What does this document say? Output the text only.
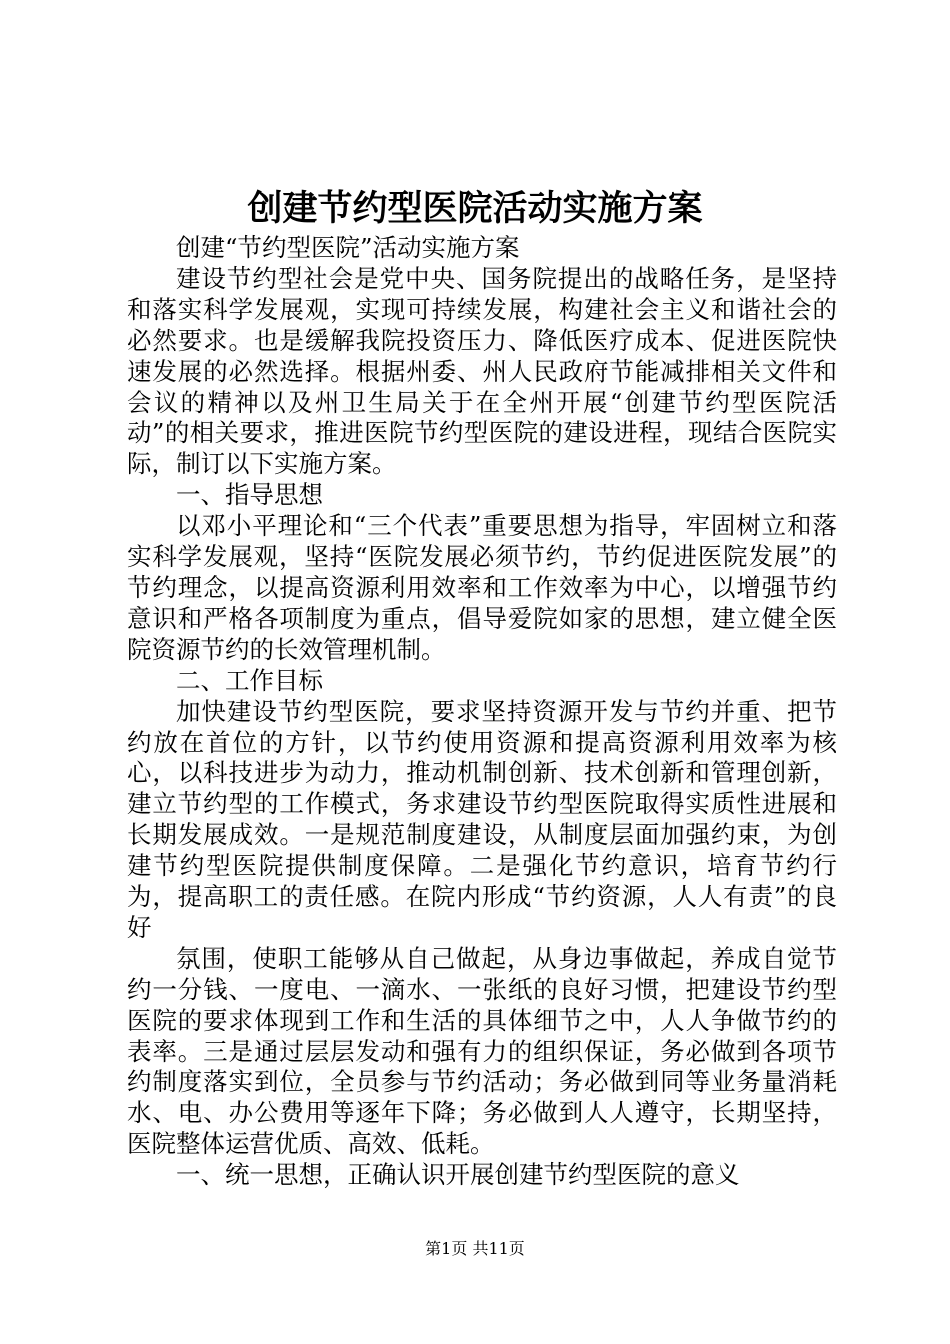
创建节约型医院活动实施方案

创建“节约型医院”活动实施方案

建设节约型社会是党中央、国务院提出的战略任务，是坚持和落实科学发展观，实现可持续发展，构建社会主义和谐社会的必然要求。也是缓解我院投资压力、降低医疗成本、促进医院快速发展的必然选择。根据州委、州人民政府节能减排相关文件和会议的精神以及州卫生局关于在全州开展“创建节约型医院活动”的相关要求，推进医院节约型医院的建设进程，现结合医院实际，制订以下实施方案。

一、指导思想

以邓小平理论和“三个代表”重要思想为指导，牢固树立和落实科学发展观，坚持“医院发展必须节约，节约促进医院发展”的节约理念，以提高资源利用效率和工作效率为中心，以增强节约意识和严格各项制度为重点，倡导爱院如家的思想，建立健全医院资源节约的长效管理机制。

二、工作目标

加快建设节约型医院，要求坚持资源开发与节约并重、把节约放在首位的方针，以节约使用资源和提高资源利用效率为核心，以科技进步为动力，推动机制创新、技术创新和管理创新，建立节约型的工作模式，务求建设节约型医院取得实质性进展和长期发展成效。一是规范制度建设，从制度层面加强约束，为创建节约型医院提供制度保障。二是强化节约意识，培育节约行为，提高职工的责任感。在院内形成“节约资源，人人有责”的良好

氛围，使职工能够从自己做起，从身边事做起，养成自觉节约一分钱、一度电、一滴水、一张纸的良好习惯，把建设节约型医院的要求体现到工作和生活的具体细节之中，人人争做节约的表率。三是通过层层发动和强有力的组织保证，务必做到各项节约制度落实到位，全员参与节约活动；务必做到同等业务量消耗水、电、办公费用等逐年下降；务必做到人人遵守，长期坚持，医院整体运营优质、高效、低耗。

一、统一思想，正确认识开展创建节约型医院的意义

第1页 共11页
